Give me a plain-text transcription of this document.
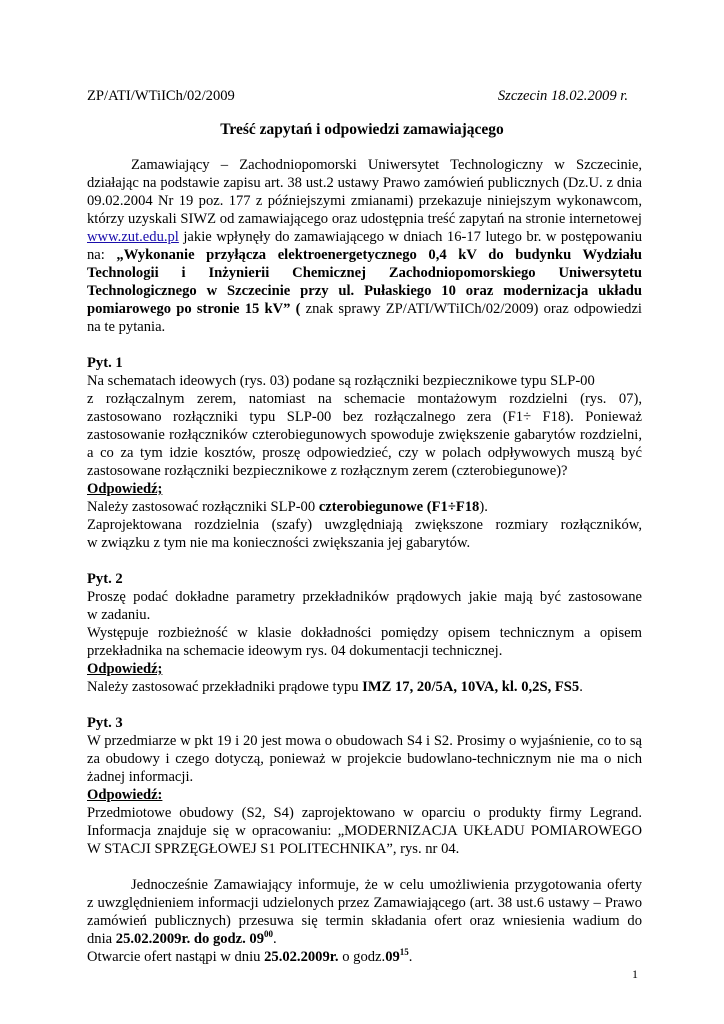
ZP/ATI/WTiICh/02/2009	Szczecin 18.02.2009 r.
Treść zapytań i odpowiedzi zamawiającego

Zamawiający – Zachodniopomorski Uniwersytet Technologiczny w Szczecinie,

działając na podstawie zapisu art. 38 ust.2 ustawy Prawo zamówień publicznych (Dz.U. z dnia

09.02.2004 Nr 19 poz. 177 z późniejszymi zmianami) przekazuje niniejszym wykonawcom,

którzy uzyskali SIWZ od zamawiającego oraz udostępnia treść zapytań na stronie internetowej

www.zut.edu.pl jakie wpłynęły do zamawiającego w dniach 16-17 lutego br. w postępowaniu

na: „Wykonanie przyłącza elektroenergetycznego 0,4 kV do budynku Wydziału

Technologii i Inżynierii Chemicznej Zachodniopomorskiego Uniwersytetu

Technologicznego w Szczecinie przy ul. Pułaskiego 10 oraz modernizacja układu

pomiarowego po stronie 15 kV” ( znak sprawy ZP/ATI/WTiICh/02/2009) oraz odpowiedzi

na te pytania.

Pyt. 1

Na schematach ideowych (rys. 03) podane są rozłączniki bezpiecznikowe typu SLP-00

z rozłączalnym zerem, natomiast na schemacie montażowym rozdzielni (rys. 07),

zastosowano rozłączniki typu SLP-00 bez rozłączalnego zera (F1÷ F18). Ponieważ

zastosowanie rozłączników czterobiegunowych spowoduje zwiększenie gabarytów rozdzielni,

a co za tym idzie kosztów, proszę odpowiedzieć, czy w polach odpływowych muszą być

zastosowane rozłączniki bezpiecznikowe z rozłącznym zerem (czterobiegunowe)?

Odpowiedź;

Należy zastosować rozłączniki SLP-00 czterobiegunowe (F1÷F18).

Zaprojektowana rozdzielnia (szafy) uwzględniają zwiększone rozmiary rozłączników,

w związku z tym nie ma konieczności zwiększania jej gabarytów.

Pyt. 2

Proszę podać dokładne parametry przekładników prądowych jakie mają być zastosowane

w zadaniu.

Występuje rozbieżność w klasie dokładności pomiędzy opisem technicznym a opisem

przekładnika na schemacie ideowym rys. 04 dokumentacji technicznej.

Odpowiedź;

Należy zastosować przekładniki prądowe typu IMZ 17, 20/5A, 10VA, kl. 0,2S, FS5.

Pyt. 3

W przedmiarze w pkt 19 i 20 jest mowa o obudowach S4 i S2. Prosimy o wyjaśnienie, co to są

za obudowy i czego dotyczą, ponieważ w projekcie budowlano-technicznym nie ma o nich

żadnej informacji.

Odpowiedź:

Przedmiotowe obudowy (S2, S4) zaprojektowano w oparciu o produkty firmy Legrand.

Informacja znajduje się w opracowaniu: „MODERNIZACJA UKŁADU POMIAROWEGO

W STACJI SPRZĘGŁOWEJ S1 POLITECHNIKA”, rys. nr 04.

Jednocześnie Zamawiający informuje, że w celu umożliwienia przygotowania oferty

z uwzględnieniem informacji udzielonych przez Zamawiającego (art. 38 ust.6 ustawy – Prawo

zamówień publicznych) przesuwa się termin składania ofert oraz wniesienia wadium do

dnia 25.02.2009r. do godz. $09^{00}$.

Otwarcie ofert nastąpi w dniu 25.02.2009r. o $godz.09^{15}$.

1
